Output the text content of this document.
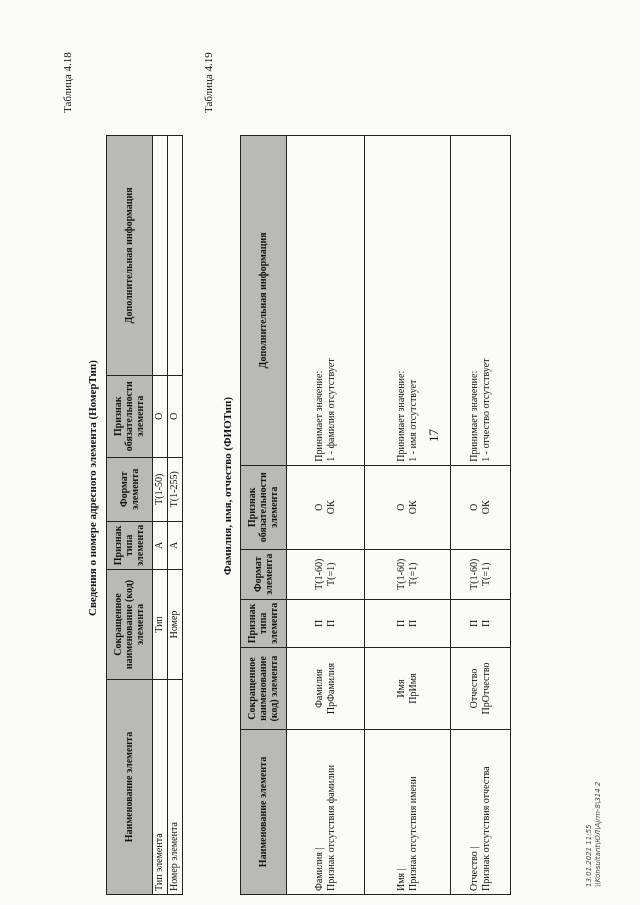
17
Таблица 4.18
Сведения о номере адресного элемента (НомерТип)
Наименование элемента	Сокращенное наименование (код) элемента	Признак типа элемента	Формат элемента	Признак обязательности элемента	Дополнительная информация
Тип элемента	Тип	А	T(1-50)	О	
Номер элемента	Номер	А	T(1-255)	О	
Таблица 4.19
Фамилия, имя, отчество (ФИОТип)
Наименование элемента	Сокращенное наименование (код) элемента	Признак типа элемента	Формат элемента	Признак обязательности элемента	Дополнительная информация

Фамилия | Признак отсутствия фамилии	Фамилия ПрФамилия	П П	T(1-60) T(=1)	О ОК	Принимает значение: 1 - фамилия отсутствует

Имя | Признак отсутствия имени	Имя ПрИмя	П П	T(1-60) T(=1)	О ОК	Принимает значение: 1 - имя отсутствует

Отчество | Признак отсутствия отчества	Отчество ПрОтчество	П П	T(1-60) T(=1)	О ОК	Принимает значение: 1 - отчество отсутствует
13.01.2021 11:55 \\Konsultant\ЮЛ\Ajrm-8\314 2
